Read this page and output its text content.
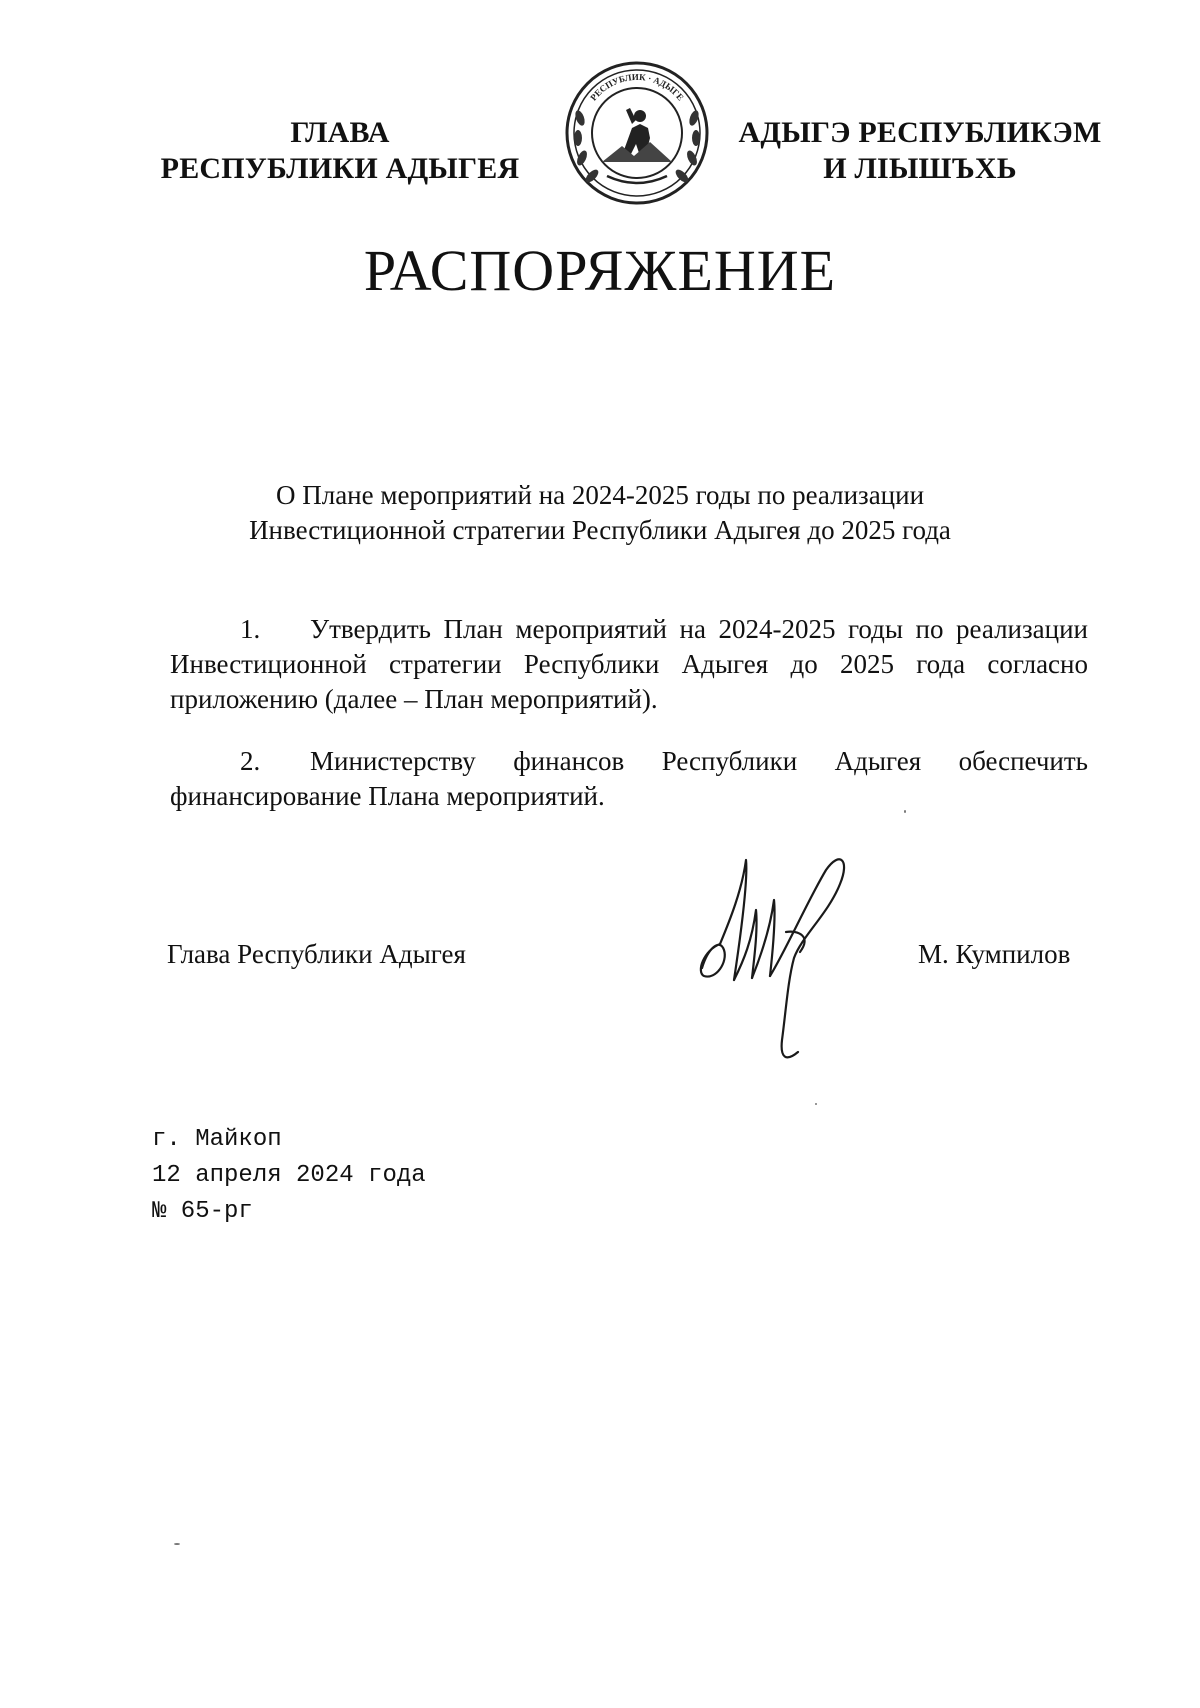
ГЛАВА
РЕСПУБЛИКИ АДЫГЕЯ
РЕСПУБЛИК · АДЫГЕ
АДЫГЭ РЕСПУБЛИКЭМ
И ЛІЫШЪХЬ
РАСПОРЯЖЕНИЕ
О Плане мероприятий на 2024-2025 годы по реализации
Инвестиционной стратегии Республики Адыгея до 2025 года
1. Утвердить План мероприятий на 2024-2025 годы по реализации Инвестиционной стратегии Республики Адыгея до 2025 года согласно приложению (далее – План мероприятий).
2. Министерству финансов Республики Адыгея обеспечить финансирование Плана мероприятий.
Глава Республики Адыгея	М. Кумпилов
г. Майкоп
12 апреля 2024 года
№ 65-рг
